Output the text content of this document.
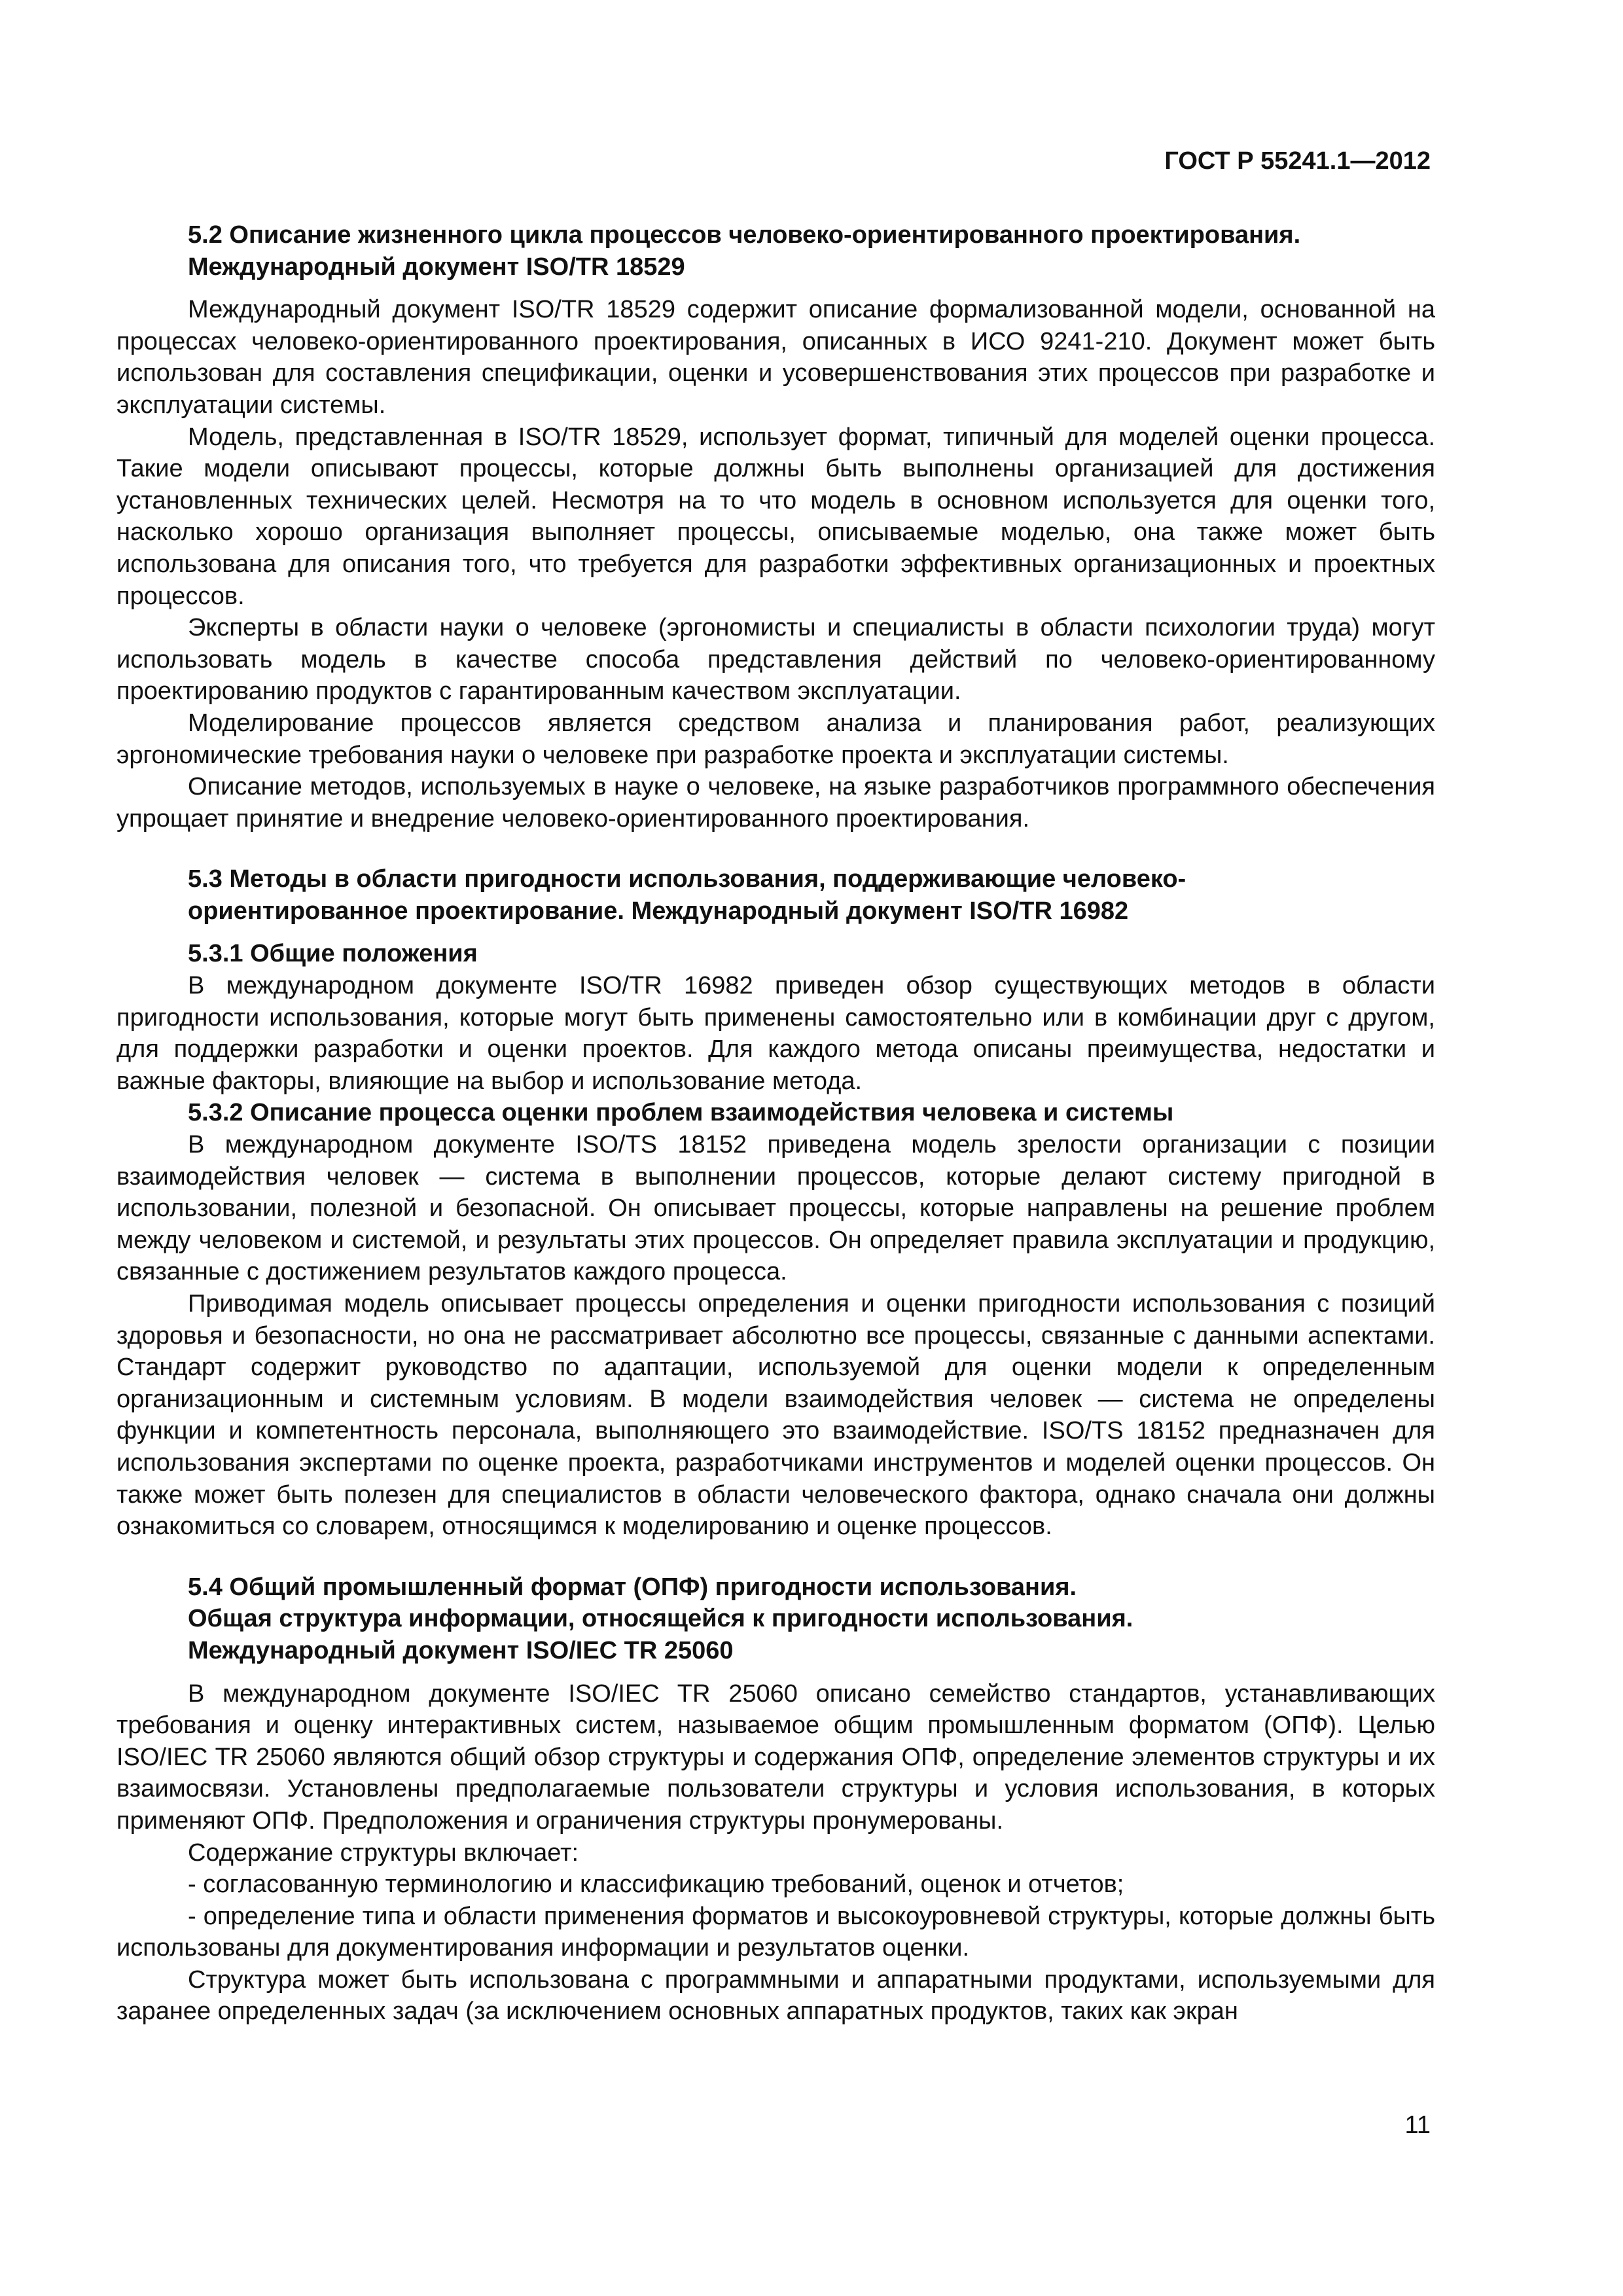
ГОСТ Р 55241.1—2012
5.2 Описание жизненного цикла процессов человеко-ориентированного проектирования.
Международный документ ISO/TR 18529

Международный документ ISO/TR 18529 содержит описание формализованной модели, основанной на процессах человеко-ориентированного проектирования, описанных в ИСО 9241-210. Документ может быть использован для составления спецификации, оценки и усовершенствования этих процессов при разработке и эксплуатации системы.

Модель, представленная в ISO/TR 18529, использует формат, типичный для моделей оценки процесса. Такие модели описывают процессы, которые должны быть выполнены организацией для достижения установленных технических целей. Несмотря на то что модель в основном используется для оценки того, насколько хорошо организация выполняет процессы, описываемые моделью, она также может быть использована для описания того, что требуется для разработки эффективных организационных и проектных процессов.

Эксперты в области науки о человеке (эргономисты и специалисты в области психологии труда) могут использовать модель в качестве способа представления действий по человеко-ориентированному проектированию продуктов с гарантированным качеством эксплуатации.

Моделирование процессов является средством анализа и планирования работ, реализующих эргономические требования науки о человеке при разработке проекта и эксплуатации системы.

Описание методов, используемых в науке о человеке, на языке разработчиков программного обеспечения упрощает принятие и внедрение человеко-ориентированного проектирования.

5.3 Методы в области пригодности использования, поддерживающие человеко-
ориентированное проектирование. Международный документ ISO/TR 16982
5.3.1 Общие положения

В международном документе ISO/TR 16982 приведен обзор существующих методов в области пригодности использования, которые могут быть применены самостоятельно или в комбинации друг с другом, для поддержки разработки и оценки проектов. Для каждого метода описаны преимущества, недостатки и важные факторы, влияющие на выбор и использование метода.

5.3.2 Описание процесса оценки проблем взаимодействия человека и системы

В международном документе ISO/TS 18152 приведена модель зрелости организации с позиции взаимодействия человек — система в выполнении процессов, которые делают систему пригодной в использовании, полезной и безопасной. Он описывает процессы, которые направлены на решение проблем между человеком и системой, и результаты этих процессов. Он определяет правила эксплуатации и продукцию, связанные с достижением результатов каждого процесса.

Приводимая модель описывает процессы определения и оценки пригодности использования с позиций здоровья и безопасности, но она не рассматривает абсолютно все процессы, связанные с данными аспектами. Стандарт содержит руководство по адаптации, используемой для оценки модели к определенным организационным и системным условиям. В модели взаимодействия человек — система не определены функции и компетентность персонала, выполняющего это взаимодействие. ISO/TS 18152 предназначен для использования экспертами по оценке проекта, разработчиками инструментов и моделей оценки процессов. Он также может быть полезен для специалистов в области человеческого фактора, однако сначала они должны ознакомиться со словарем, относящимся к моделированию и оценке процессов.

5.4 Общий промышленный формат (ОПФ) пригодности использования.
Общая структура информации, относящейся к пригодности использования.
Международный документ ISO/IEC TR 25060

В международном документе ISO/IEC TR 25060 описано семейство стандартов, устанавливающих требования и оценку интерактивных систем, называемое общим промышленным форматом (ОПФ). Целью ISO/IEC TR 25060 являются общий обзор структуры и содержания ОПФ, определение элементов структуры и их взаимосвязи. Установлены предполагаемые пользователи структуры и условия использования, в которых применяют ОПФ. Предположения и ограничения структуры пронумерованы.

Содержание структуры включает:

- согласованную терминологию и классификацию требований, оценок и отчетов;

- определение типа и области применения форматов и высокоуровневой структуры, которые должны быть использованы для документирования информации и результатов оценки.

Структура может быть использована с программными и аппаратными продуктами, используемыми для заранее определенных задач (за исключением основных аппаратных продуктов, таких как экран

11
